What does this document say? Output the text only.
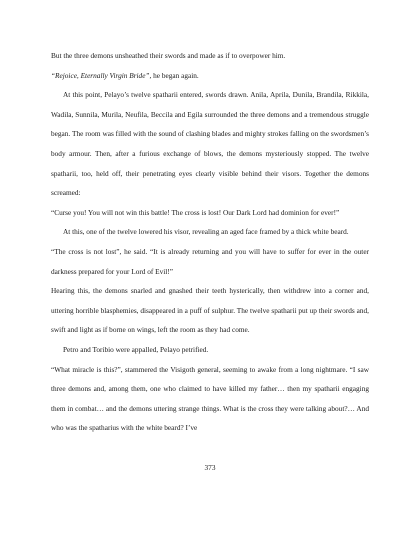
But the three demons unsheathed their swords and made as if to overpower him.

“Rejoice, Eternally Virgin Bride”, he began again.

At this point, Pelayo’s twelve spatharii entered, swords drawn. Anila, Aprila, Dunila, Brandila, Rikkila, Wadila, Sunnila, Murila, Neufila, Beccila and Egila surrounded the three demons and a tremendous struggle began. The room was filled with the sound of clashing blades and mighty strokes falling on the swordsmen’s body armour. Then, after a furious exchange of blows, the demons mysteriously stopped. The twelve spatharii, too, held off, their penetrating eyes clearly visible behind their visors. Together the demons screamed:

“Curse you! You will not win this battle! The cross is lost! Our Dark Lord had dominion for ever!”

At this, one of the twelve lowered his visor, revealing an aged face framed by a thick white beard.

“The cross is not lost”, he said. “It is already returning and you will have to suffer for ever in the outer darkness prepared for your Lord of Evil!”

Hearing this, the demons snarled and gnashed their teeth hysterically, then withdrew into a corner and, uttering horrible blasphemies, disappeared in a puff of sulphur. The twelve spatharii put up their swords and, swift and light as if borne on wings, left the room as they had come.

Petro and Toribio were appalled, Pelayo petrified.

“What miracle is this?”, stammered the Visigoth general, seeming to awake from a long nightmare. “I saw three demons and, among them, one who claimed to have killed my father… then my spatharii engaging them in combat… and the demons uttering strange things. What is the cross they were talking about?… And who was the spatharius with the white beard? I’ve

373
